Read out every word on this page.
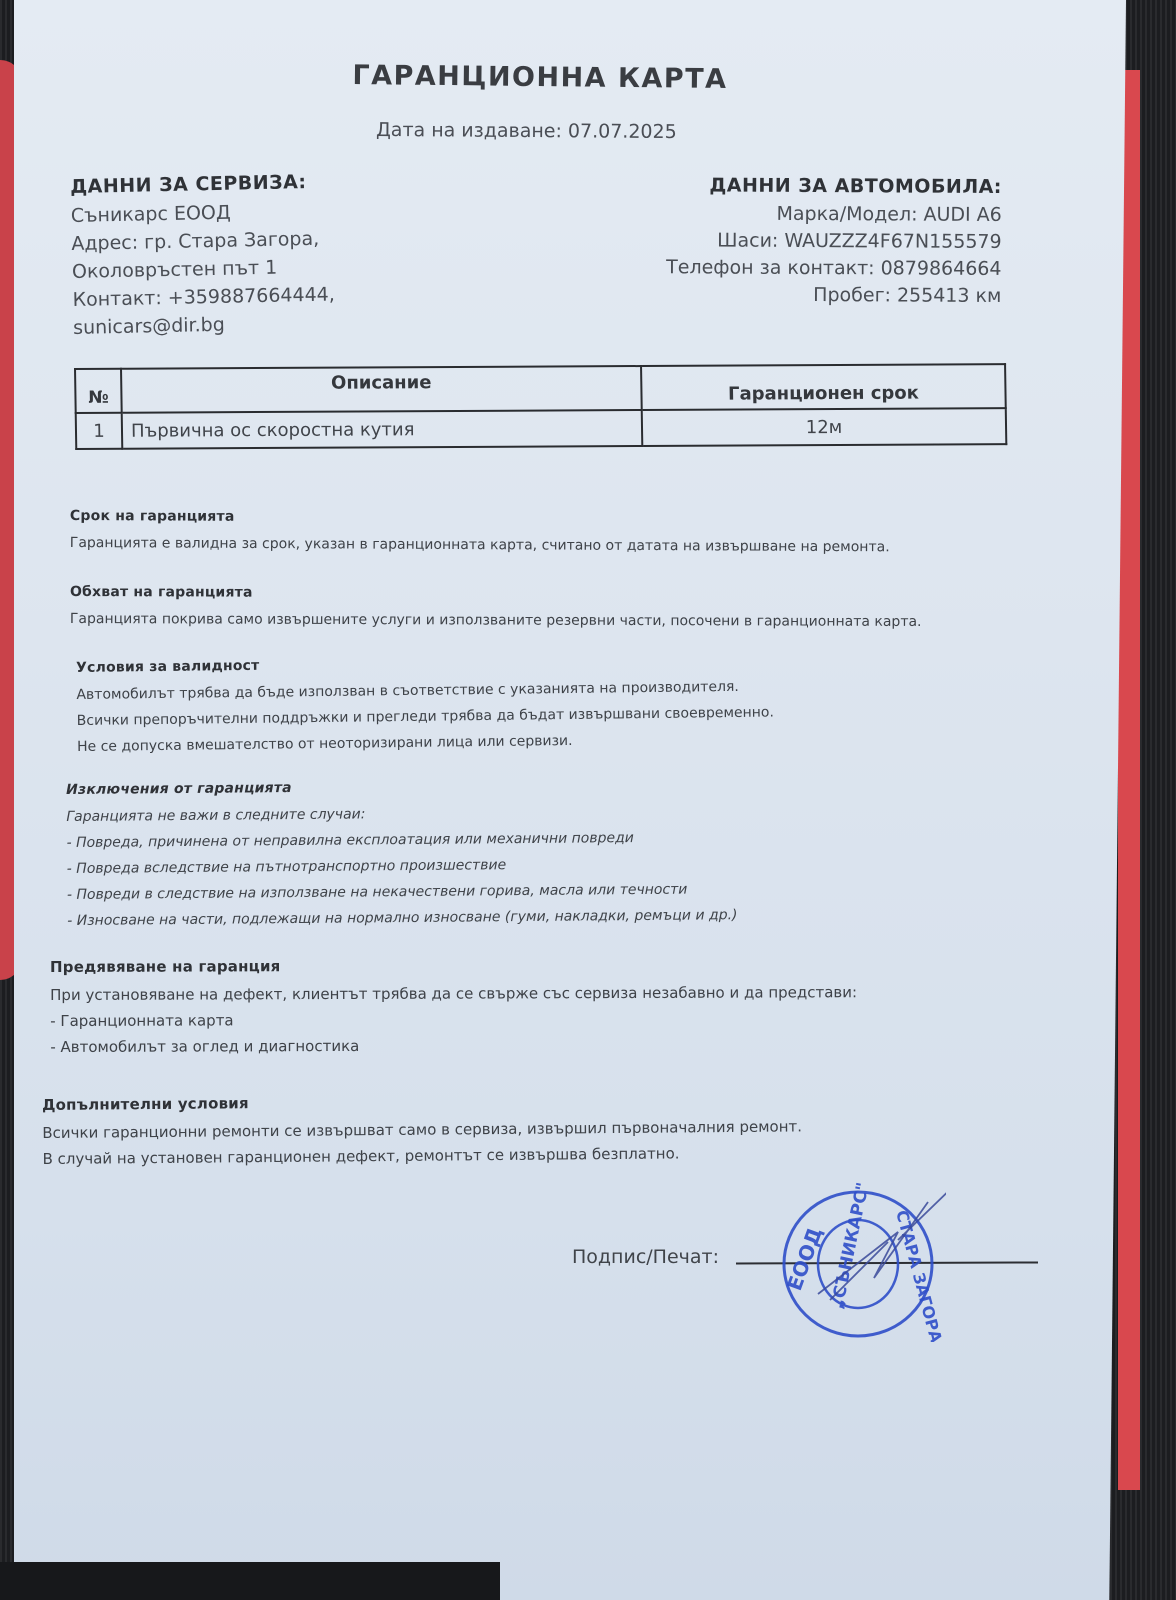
ГАРАНЦИОННА КАРТА
Дата на издаване: 07.07.2025
ДАННИ ЗА СЕРВИЗА:
Съникарс ЕООД
Адрес: гр. Стара Загора,
Околовръстен път 1
Контакт: +359887664444,
sunicars@dir.bg
ДАННИ ЗА АВТОМОБИЛА:
Марка/Модел: AUDI A6
Шаси: WAUZZZ4F67N155579
Телефон за контакт: 0879864664
Пробег: 255413 км
№	Описание	Гаранционен срок
1	Първична ос скоростна кутия	12м
Срок на гаранцията
Гаранцията е валидна за срок, указан в гаранционната карта, считано от датата на извършване на ремонта.
Обхват на гаранцията
Гаранцията покрива само извършените услуги и използваните резервни части, посочени в гаранционната карта.
Условия за валидност
Автомобилът трябва да бъде използван в съответствие с указанията на производителя.
Всички препоръчителни поддръжки и прегледи трябва да бъдат извършвани своевременно.
Не се допуска вмешателство от неоторизирани лица или сервизи.
Изключения от гаранцията
Гаранцията не важи в следните случаи:
- Повреда, причинена от неправилна експлоатация или механични повреди
- Повреда вследствие на пътнотранспортно произшествие
- Повреди в следствие на използване на некачествени горива, масла или течности
- Износване на части, подлежащи на нормално износване (гуми, накладки, ремъци и др.)
Предявяване на гаранция
При установяване на дефект, клиентът трябва да се свърже със сервиза незабавно и да представи:
- Гаранционната карта
- Автомобилът за оглед и диагностика
Допълнителни условия
Всички гаранционни ремонти се извършват само в сервиза, извършил първоначалния ремонт.
В случай на установен гаранционен дефект, ремонтът се извършва безплатно.
Подпис/Печат:	ЕООД	СТАРА ЗАГОРА
„СЪНИКАРС"
